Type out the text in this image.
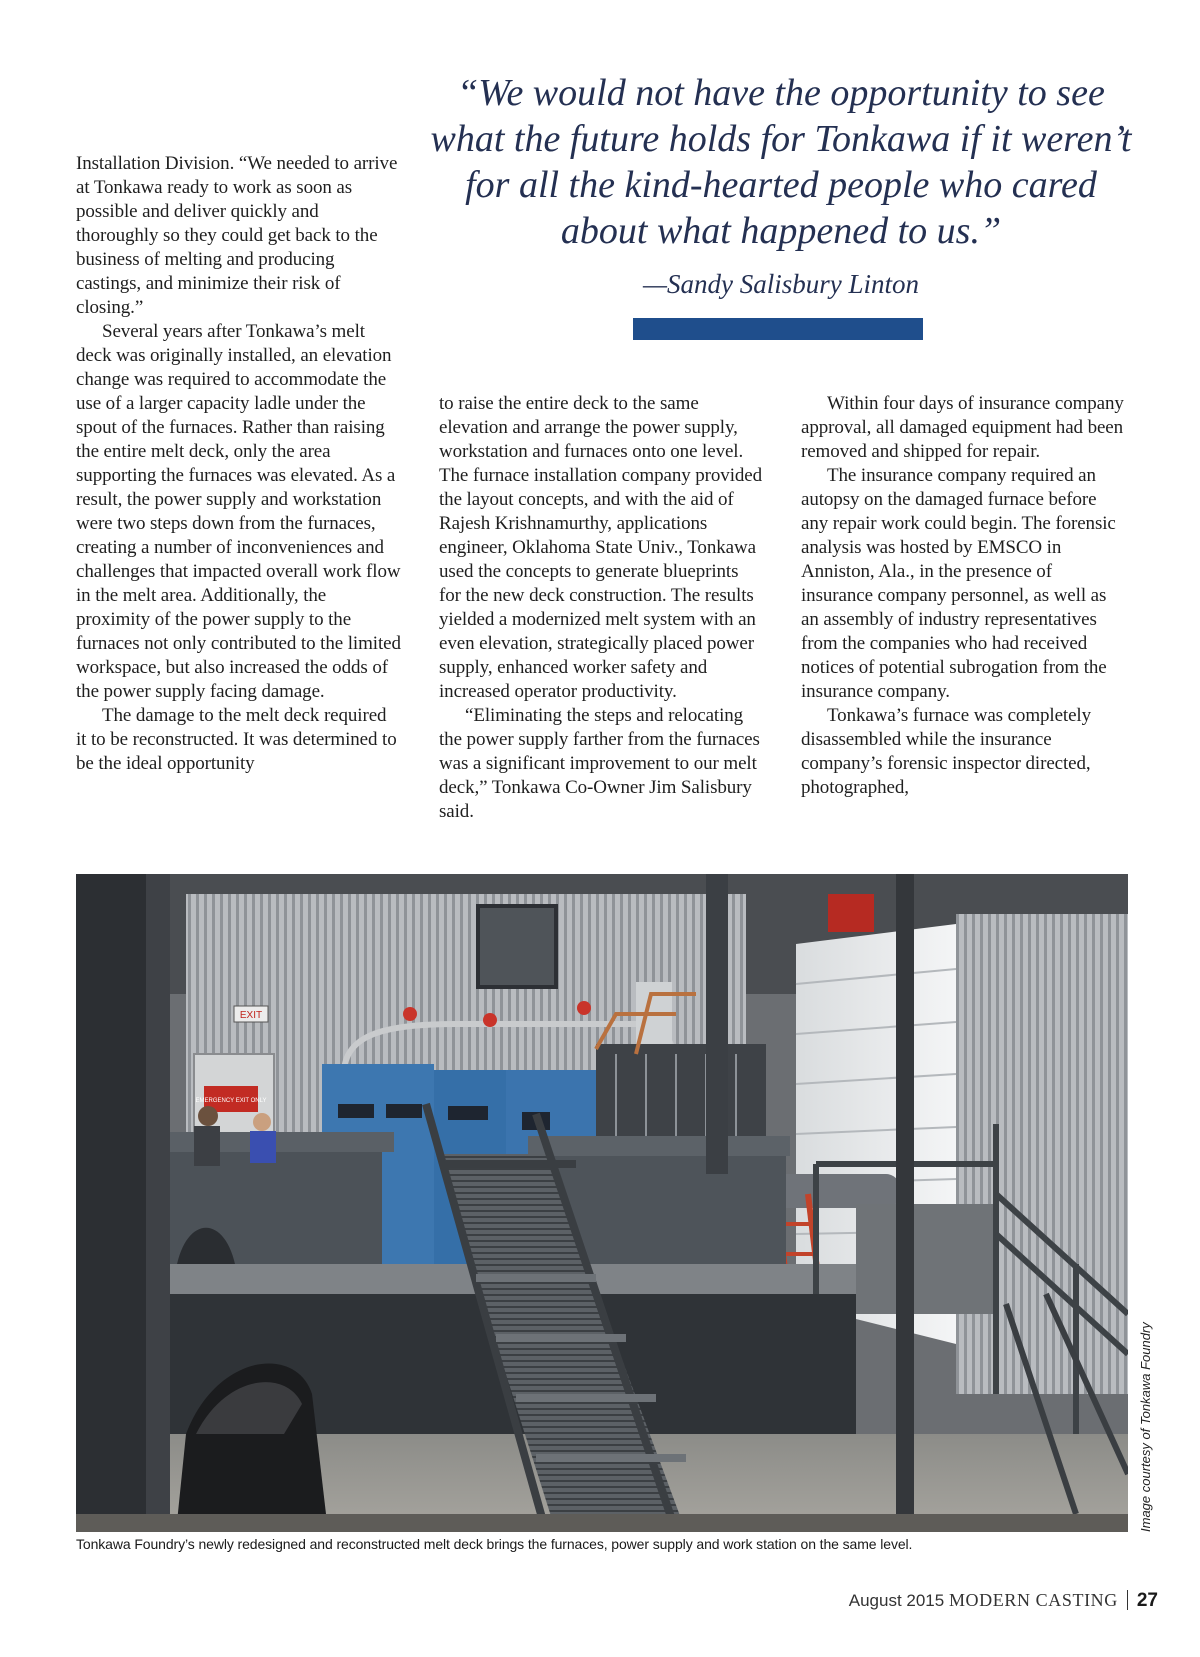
“We would not have the opportunity to see what the future holds for Tonkawa if it weren’t for all the kind-hearted people who cared about what happened to us.”
—Sandy Salisbury Linton

Installation Division. “We needed to arrive at Tonkawa ready to work as soon as possible and deliver quickly and thoroughly so they could get back to the business of melting and producing castings, and minimize their risk of closing.”

Several years after Tonkawa’s melt deck was originally installed, an elevation change was required to accommodate the use of a larger capacity ladle under the spout of the furnaces. Rather than raising the entire melt deck, only the area supporting the furnaces was elevated. As a result, the power supply and workstation were two steps down from the furnaces, creating a number of inconveniences and challenges that impacted overall work flow in the melt area. Additionally, the proximity of the power supply to the furnaces not only contributed to the limited workspace, but also increased the odds of the power supply facing damage.

The damage to the melt deck required it to be reconstructed. It was determined to be the ideal opportunity

to raise the entire deck to the same elevation and arrange the power supply, workstation and furnaces onto one level. The furnace installation company provided the layout concepts, and with the aid of Rajesh Krishnamurthy, applications engineer, Oklahoma State Univ., Tonkawa used the concepts to generate blueprints for the new deck construction. The results yielded a modernized melt system with an even elevation, strategically placed power supply, enhanced worker safety and increased operator productivity.

“Eliminating the steps and relocating the power supply farther from the furnaces was a significant improvement to our melt deck,” Tonkawa Co-Owner Jim Salisbury said.

Within four days of insurance company approval, all damaged equipment had been removed and shipped for repair.

The insurance company required an autopsy on the damaged furnace before any repair work could begin. The forensic analysis was hosted by EMSCO in Anniston, Ala., in the presence of insurance company personnel, as well as an assembly of industry representatives from the companies who had received notices of potential subrogation from the insurance company.

Tonkawa’s furnace was completely disassembled while the insurance company’s forensic inspector directed, photographed,

EXIT
EMERGENCY EXIT ONLY
Image courtesy of Tonkawa Foundry
Tonkawa Foundry’s newly redesigned and reconstructed melt deck brings the furnaces, power supply and work station on the same level.
August 2015 MODERN CASTING 27
